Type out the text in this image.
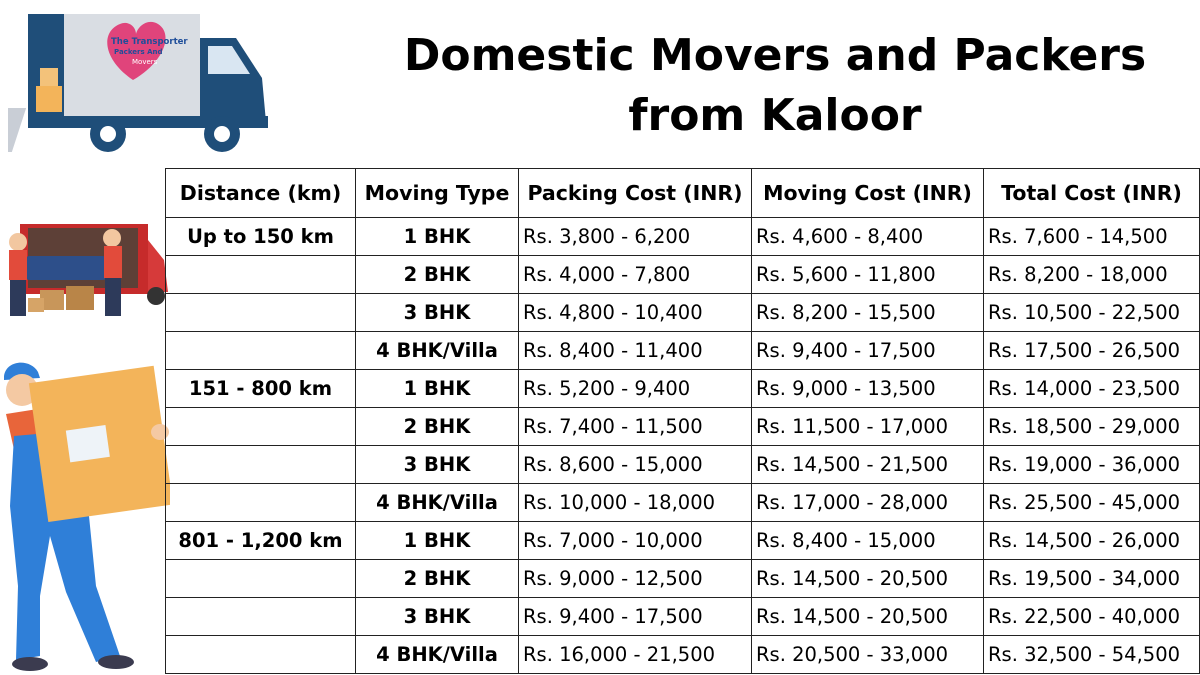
The Transporter
Packers And
Movers	Domestic Movers and Packers
from Kaloor
Distance (km)	Moving Type	Packing Cost (INR)	Moving Cost (INR)	Total Cost (INR)
Up to 150 km	1 BHK	Rs. 3,800 - 6,200	Rs. 4,600 - 8,400	Rs. 7,600 - 14,500
	2 BHK	Rs. 4,000 - 7,800	Rs. 5,600 - 11,800	Rs. 8,200 - 18,000
	3 BHK	Rs. 4,800 - 10,400	Rs. 8,200 - 15,500	Rs. 10,500 - 22,500
	4 BHK/Villa	Rs. 8,400 - 11,400	Rs. 9,400 - 17,500	Rs. 17,500 - 26,500
151 - 800 km	1 BHK	Rs. 5,200 - 9,400	Rs. 9,000 - 13,500	Rs. 14,000 - 23,500
	2 BHK	Rs. 7,400 - 11,500	Rs. 11,500 - 17,000	Rs. 18,500 - 29,000
	3 BHK	Rs. 8,600 - 15,000	Rs. 14,500 - 21,500	Rs. 19,000 - 36,000
	4 BHK/Villa	Rs. 10,000 - 18,000	Rs. 17,000 - 28,000	Rs. 25,500 - 45,000
801 - 1,200 km	1 BHK	Rs. 7,000 - 10,000	Rs. 8,400 - 15,000	Rs. 14,500 - 26,000
	2 BHK	Rs. 9,000 - 12,500	Rs. 14,500 - 20,500	Rs. 19,500 - 34,000
	3 BHK	Rs. 9,400 - 17,500	Rs. 14,500 - 20,500	Rs. 22,500 - 40,000
	4 BHK/Villa	Rs. 16,000 - 21,500	Rs. 20,500 - 33,000	Rs. 32,500 - 54,500
